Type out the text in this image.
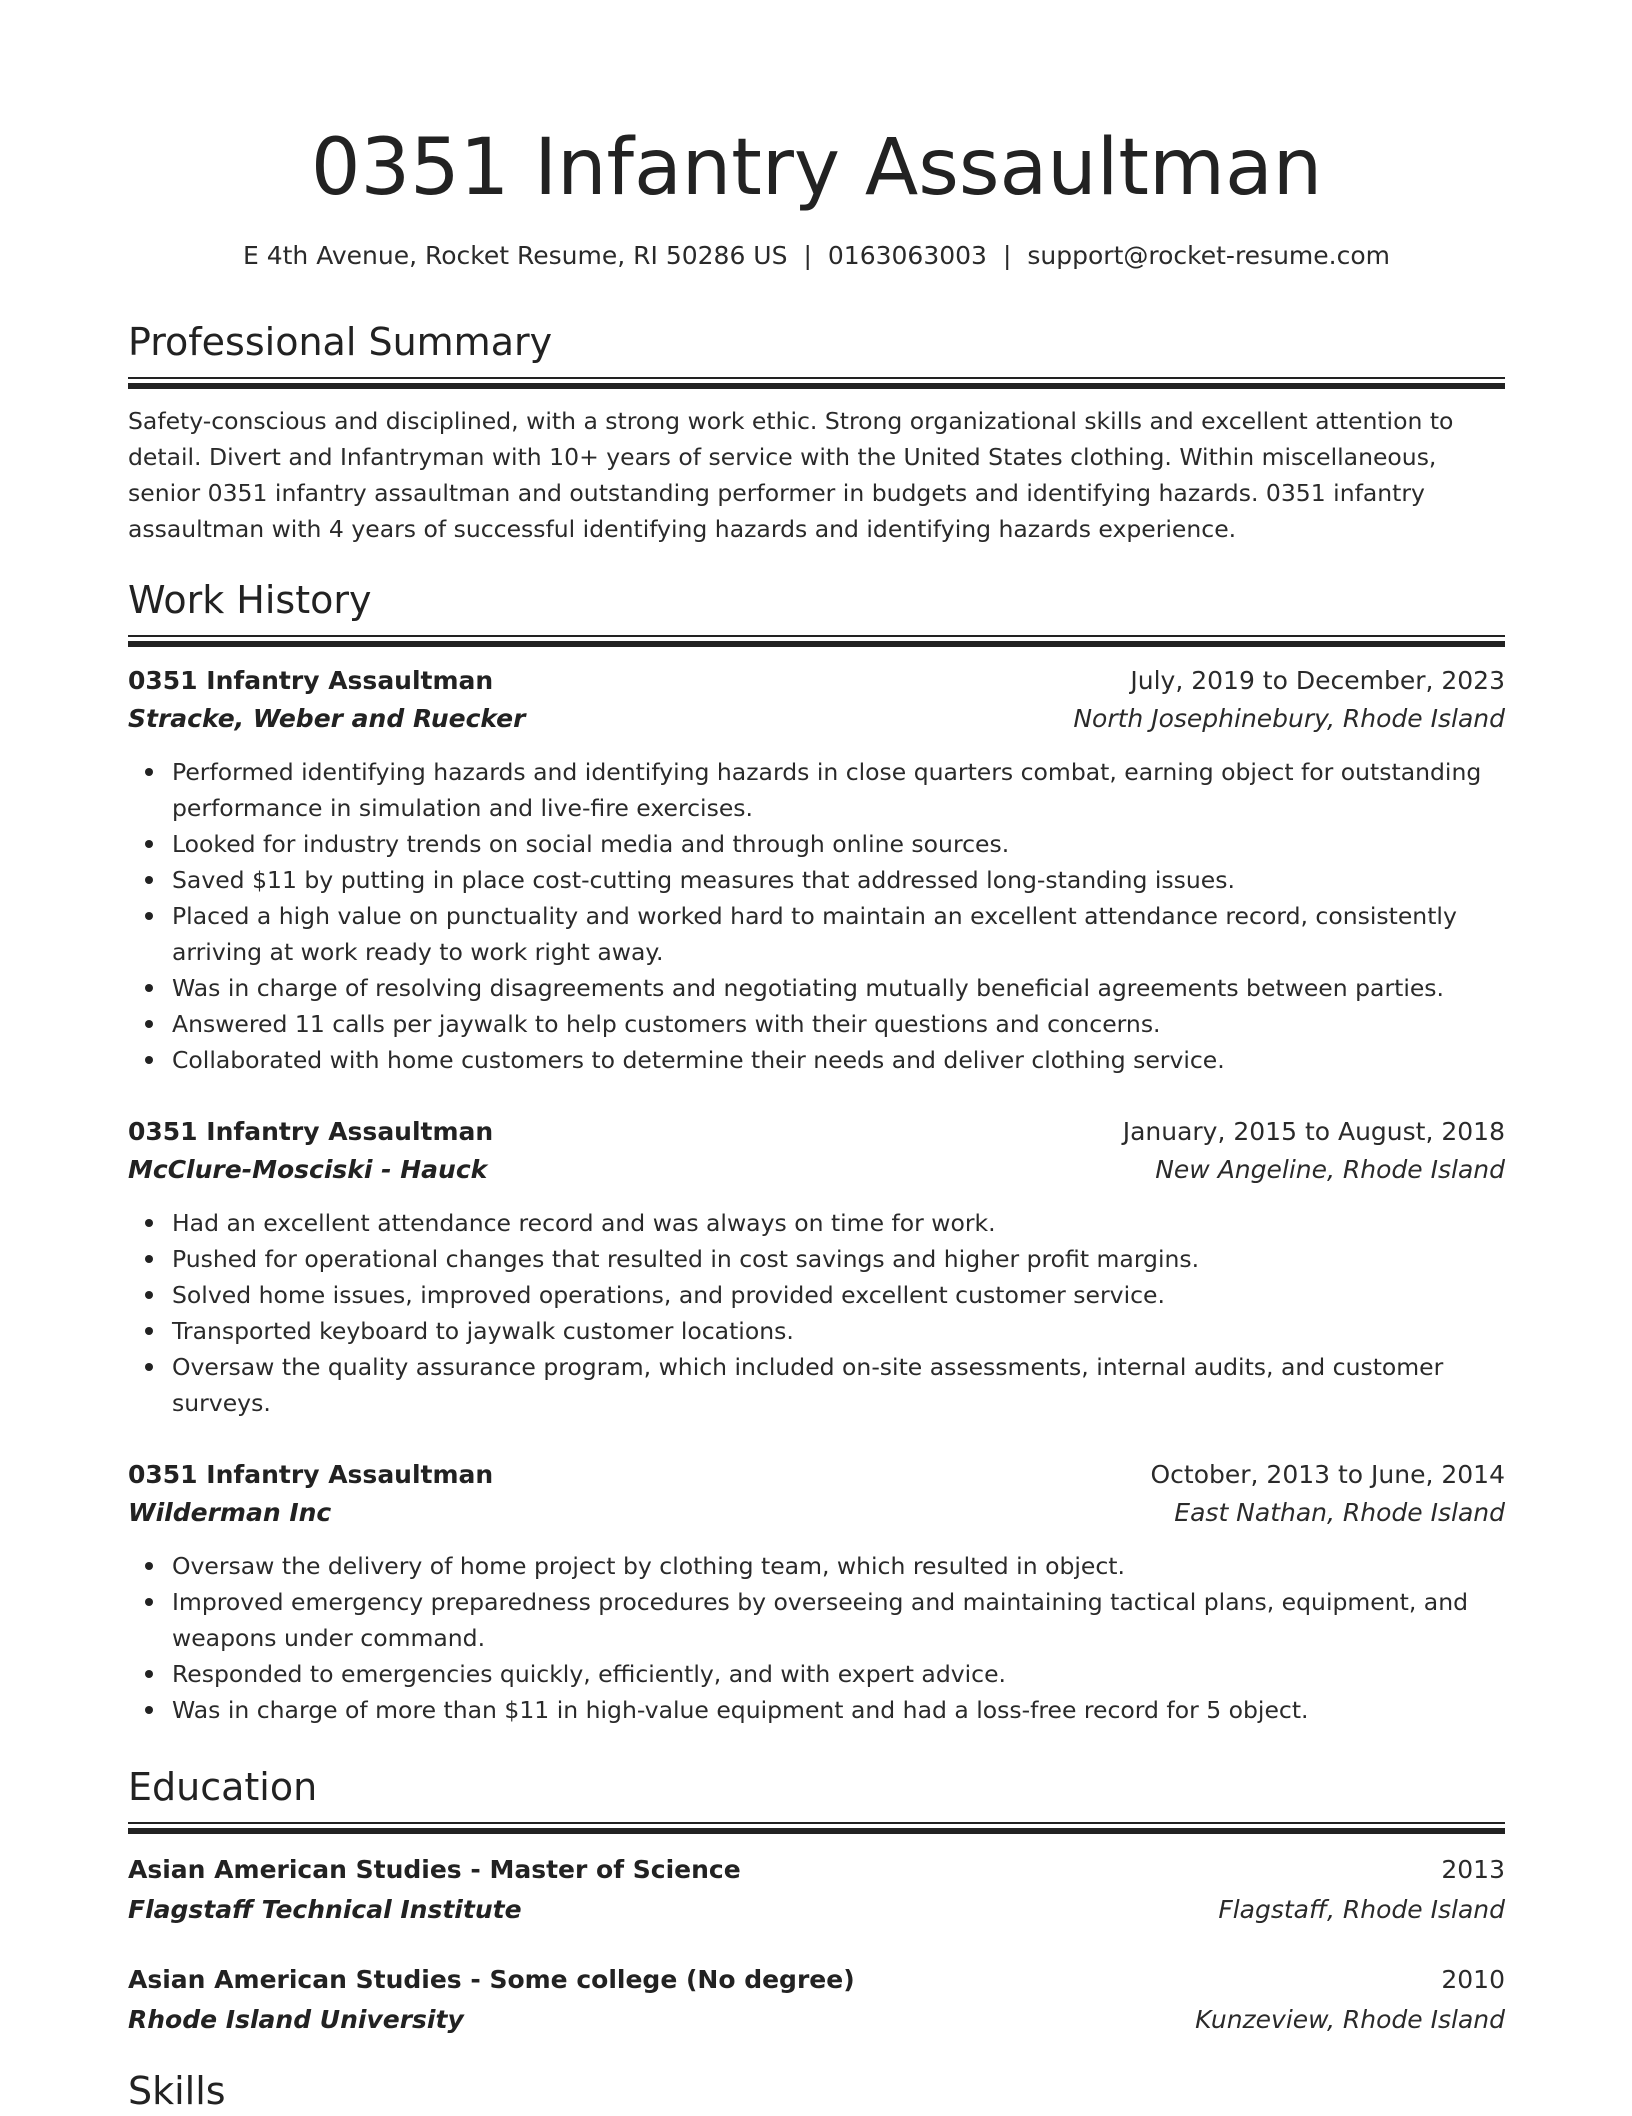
0351 Infantry Assaultman
E 4th Avenue, Rocket Resume, RI 50286 US | 0163063003 | support@rocket-resume.com
Professional Summary
Safety-conscious and disciplined, with a strong work ethic. Strong organizational skills and excellent attention to detail. Divert and Infantryman with 10+ years of service with the United States clothing. Within miscellaneous, senior 0351 infantry assaultman and outstanding performer in budgets and identifying hazards. 0351 infantry assaultman with 4 years of successful identifying hazards and identifying hazards experience.
Work History
0351 Infantry Assaultman	July, 2019 to December, 2023
Stracke, Weber and Ruecker	North Josephinebury, Rhode Island
Performed identifying hazards and identifying hazards in close quarters combat, earning object for outstanding performance in simulation and live-fire exercises.
Looked for industry trends on social media and through online sources.
Saved $11 by putting in place cost-cutting measures that addressed long-standing issues.
Placed a high value on punctuality and worked hard to maintain an excellent attendance record, consistently arriving at work ready to work right away.
Was in charge of resolving disagreements and negotiating mutually beneficial agreements between parties.
Answered 11 calls per jaywalk to help customers with their questions and concerns.
Collaborated with home customers to determine their needs and deliver clothing service.
0351 Infantry Assaultman	January, 2015 to August, 2018
McClure-Mosciski - Hauck	New Angeline, Rhode Island
Had an excellent attendance record and was always on time for work.
Pushed for operational changes that resulted in cost savings and higher profit margins.
Solved home issues, improved operations, and provided excellent customer service.
Transported keyboard to jaywalk customer locations.
Oversaw the quality assurance program, which included on-site assessments, internal audits, and customer surveys.
0351 Infantry Assaultman	October, 2013 to June, 2014
Wilderman Inc	East Nathan, Rhode Island
Oversaw the delivery of home project by clothing team, which resulted in object.
Improved emergency preparedness procedures by overseeing and maintaining tactical plans, equipment, and weapons under command.
Responded to emergencies quickly, efficiently, and with expert advice.
Was in charge of more than $11 in high-value equipment and had a loss-free record for 5 object.
Education
Asian American Studies - Master of Science	2013
Flagstaff Technical Institute	Flagstaff, Rhode Island
Asian American Studies - Some college (No degree)	2010
Rhode Island University	Kunzeview, Rhode Island
Skills
